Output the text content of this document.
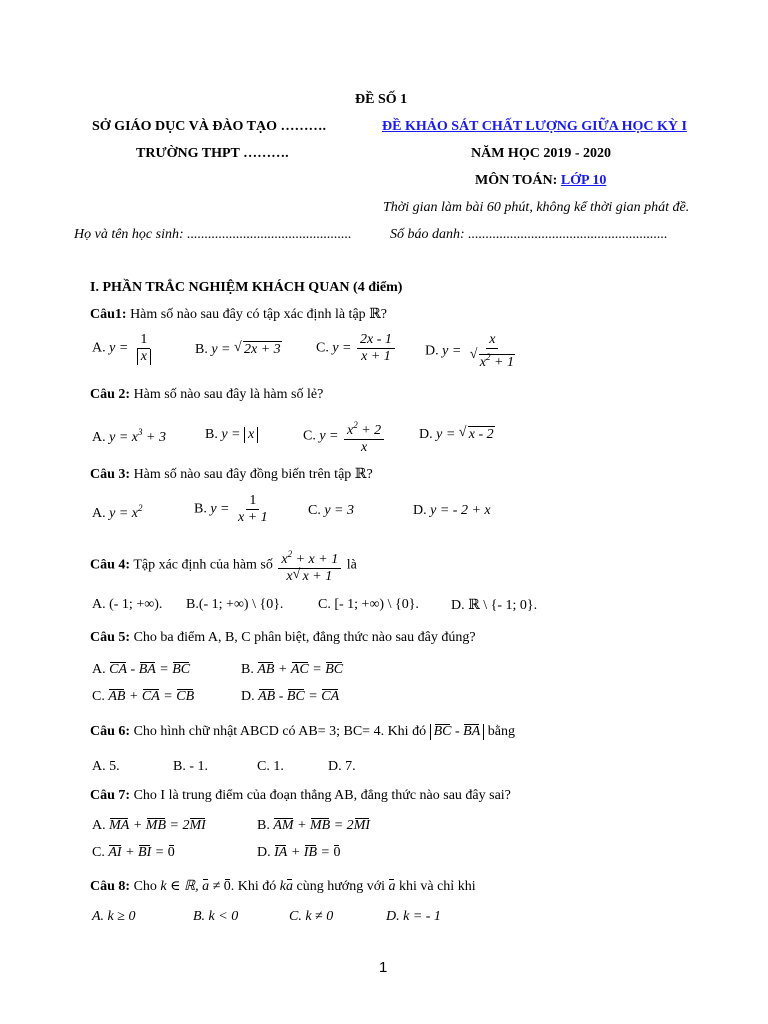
ĐỀ SỐ 1
SỞ GIÁO DỤC VÀ ĐÀO TẠO ……….	ĐỀ KHẢO SÁT CHẤT LƯỢNG GIỮA HỌC KỲ I
TRƯỜNG THPT ……….	NĂM HỌC 2019 - 2020
MÔN TOÁN: LỚP 10
Thời gian làm bài 60 phút, không kể thời gian phát đề.
Họ và tên học sinh: ...............................................	Số báo danh: .........................................................
I. PHẦN TRẮC NGHIỆM KHÁCH QUAN (4 điểm)
Câu1: Hàm số nào sau đây có tập xác định là tập ℝ?
A. $y = \frac{1}{x}$	B. y = √ 2x + 3	C. $y = \frac{2x - 1}{x + 1} D$. y = x
√
$x^2 + 1$
Câu 2: Hàm số nào sau đây là hàm số lẻ?
A. $y = x^3 + 3$	B. y = x	C. $y = \frac{x^2 + 2}{x} D$. y = √ x - 2
Câu 3: Hàm số nào sau đây đồng biến trên tập ℝ?
A. $y = x^2$	B. $y = \frac{1}{x + 1}$	C. y = 3	D. y = - 2 + x
Câu 4: Tập xác định của hàm số $\frac{x^2 + x + 1}{x √ x + 1}$ là
A. (- 1; +∞). B.(- 1; +∞) \ {0}. C. [- 1; +∞) \ {0}. D. ℝ \ {- 1; 0}.
Câu 5: Cho ba điểm A, B, C phân biệt, đẳng thức nào sau đây đúng?
A. CA - BA = BC	B. AB + AC = BC
C. AB + CA = CB	D. AB - BC = CA
Câu 6: Cho hình chữ nhật ABCD có AB= 3; BC= 4. Khi đó BC - BA bằng
A. 5.	B. - 1.	C. 1.	D. 7.
Câu 7: Cho I là trung điểm của đoạn thẳng AB, đẳng thức nào sau đây sai?
A. MA + MB = 2MI	B. AM + MB = 2MI
C. AI + BI = 0	D. IA + IB = 0
Câu 8: Cho k ∈ ℝ, a ≠ 0. Khi đó ka cùng hướng với a khi và chỉ khi
A. k ≥ 0	B. k < 0	C. k ≠ 0	D. k = - 1
1
